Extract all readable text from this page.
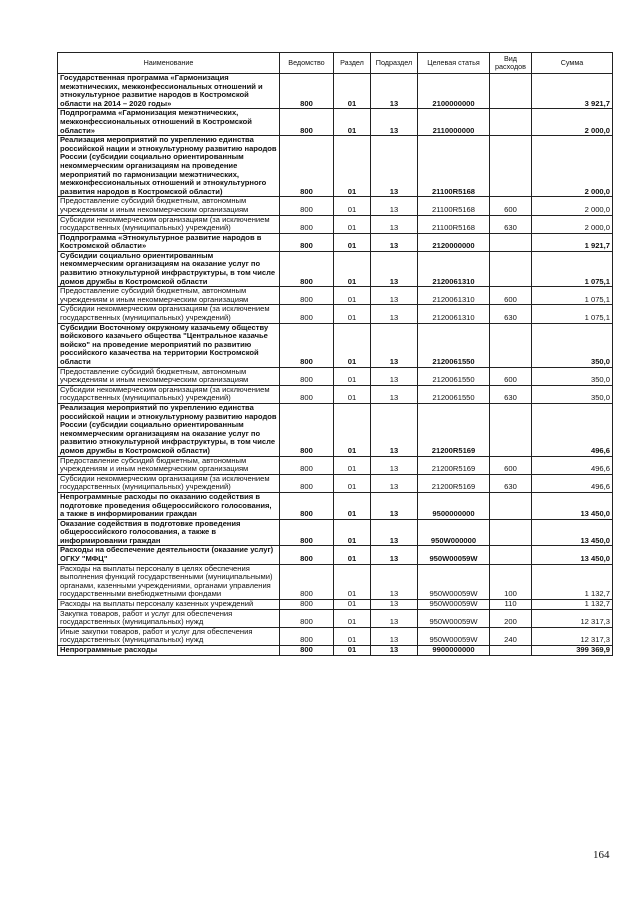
Наименование	Ведомство	Раздел	Подраздел	Целевая статья	Вид расходов	Сумма
Государственная программа «Гармонизация межэтнических, межконфессиональных отношений и этнокультурное развитие народов в Костромской области на 2014 – 2020 годы»	800	01	13	2100000000		3 921,7
Подпрограмма «Гармонизация межэтнических, межконфессиональных отношений в Костромской области»	800	01	13	2110000000		2 000,0
Реализация мероприятий по укреплению единства российской нации и этнокультурному развитию народов России (субсидии социально ориентированным некоммерческим организациям на проведение мероприятий по гармонизации межэтнических, межконфессиональных отношений и этнокультурного развития народов в Костромской области)	800	01	13	21100R5168		2 000,0
Предоставление субсидий бюджетным, автономным учреждениям и иным некоммерческим организациям	800	01	13	21100R5168	600	2 000,0
Субсидии некоммерческим организациям (за исключением государственных (муниципальных) учреждений)	800	01	13	21100R5168	630	2 000,0
Подпрограмма «Этнокультурное развитие народов в Костромской области»	800	01	13	2120000000		1 921,7
Субсидии социально ориентированным некоммерческим организациям на оказание услуг по развитию этнокультурной инфраструктуры, в том числе домов дружбы в Костромской области	800	01	13	2120061310		1 075,1
Предоставление субсидий бюджетным, автономным учреждениям и иным некоммерческим организациям	800	01	13	2120061310	600	1 075,1
Субсидии некоммерческим организациям (за исключением государственных (муниципальных) учреждений)	800	01	13	2120061310	630	1 075,1
Субсидии Восточному окружному казачьему обществу войскового казачьего общества "Центральное казачье войско" на проведение мероприятий по развитию российского казачества на территории Костромской области	800	01	13	2120061550		350,0
Предоставление субсидий бюджетным, автономным учреждениям и иным некоммерческим организациям	800	01	13	2120061550	600	350,0
Субсидии некоммерческим организациям (за исключением государственных (муниципальных) учреждений)	800	01	13	2120061550	630	350,0
Реализация мероприятий по укреплению единства российской нации и этнокультурному развитию народов России (субсидии социально ориентированным некоммерческим организациям на оказание услуг по развитию этнокультурной инфраструктуры, в том числе домов дружбы в Костромской области)	800	01	13	21200R5169		496,6
Предоставление субсидий бюджетным, автономным учреждениям и иным некоммерческим организациям	800	01	13	21200R5169	600	496,6
Субсидии некоммерческим организациям (за исключением государственных (муниципальных) учреждений)	800	01	13	21200R5169	630	496,6
Непрограммные расходы по оказанию содействия в подготовке проведения общероссийского голосования, а также в информировании граждан	800	01	13	9500000000		13 450,0
Оказание содействия в подготовке проведения общероссийского голосования, а также в информировании граждан	800	01	13	950W000000		13 450,0
Расходы на обеспечение деятельности (оказание услуг) ОГКУ "МФЦ"	800	01	13	950W00059W		13 450,0
Расходы на выплаты персоналу в целях обеспечения выполнения функций государственными (муниципальными) органами, казенными учреждениями, органами управления государственными внебюджетными фондами	800	01	13	950W00059W	100	1 132,7
Расходы на выплаты персоналу казенных учреждений	800	01	13	950W00059W	110	1 132,7
Закупка товаров, работ и услуг для обеспечения государственных (муниципальных) нужд	800	01	13	950W00059W	200	12 317,3
Иные закупки товаров, работ и услуг для обеспечения государственных (муниципальных) нужд	800	01	13	950W00059W	240	12 317,3
Непрограммные расходы	800	01	13	9900000000		399 369,9
164
